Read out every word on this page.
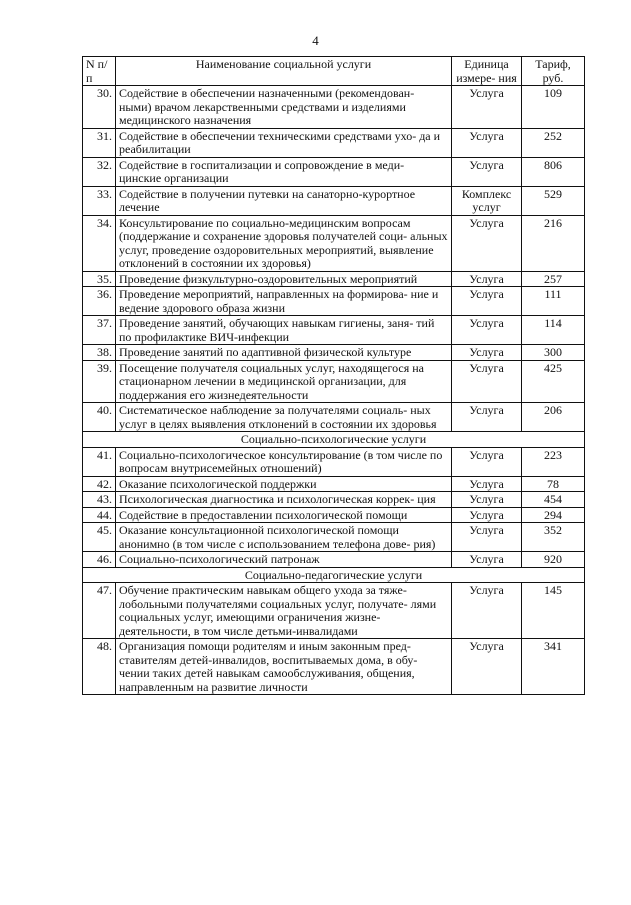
4
N п/п	Наименование социальной услуги	Единица измере- ния	Тариф, руб.
30.	Содействие в обеспечении назначенными (рекомендован- ными) врачом лекарственными средствами и изделиями медицинского назначения	Услуга	109
31.	Содействие в обеспечении техническими средствами ухо- да и реабилитации	Услуга	252
32.	Содействие в госпитализации и сопровождение в меди- цинские организации	Услуга	806
33.	Содействие в получении путевки на санаторно-курортное лечение	Комплекс услуг	529
34.	Консультирование по социально-медицинским вопросам (поддержание и сохранение здоровья получателей соци- альных услуг, проведение оздоровительных мероприятий, выявление отклонений в состоянии их здоровья)	Услуга	216
35.	Проведение физкультурно-оздоровительных мероприятий	Услуга	257
36.	Проведение мероприятий, направленных на формирова- ние и ведение здорового образа жизни	Услуга	111
37.	Проведение занятий, обучающих навыкам гигиены, заня- тий по профилактике ВИЧ-инфекции	Услуга	114
38.	Проведение занятий по адаптивной физической культуре	Услуга	300
39.	Посещение получателя социальных услуг, находящегося на стационарном лечении в медицинской организации, для поддержания его жизнедеятельности	Услуга	425
40.	Систематическое наблюдение за получателями социаль- ных услуг в целях выявления отклонений в состоянии их здоровья	Услуга	206
Социально-психологические услуги			
41.	Социально-психологическое консультирование (в том числе по вопросам внутрисемейных отношений)	Услуга	223
42.	Оказание психологической поддержки	Услуга	78
43.	Психологическая диагностика и психологическая коррек- ция	Услуга	454
44.	Содействие в предоставлении психологической помощи	Услуга	294
45.	Оказание консультационной психологической помощи анонимно (в том числе с использованием телефона дове- рия)	Услуга	352
46.	Социально-психологический патронаж	Услуга	920
Социально-педагогические услуги			
47.	Обучение практическим навыкам общего ухода за тяже- лобольными получателями социальных услуг, получате- лями социальных услуг, имеющими ограничения жизне- деятельности, в том числе детьми-инвалидами	Услуга	145
48.	Организация помощи родителям и иным законным пред- ставителям детей-инвалидов, воспитываемых дома, в обу- чении таких детей навыкам самообслуживания, общения, направленным на развитие личности	Услуга	341
